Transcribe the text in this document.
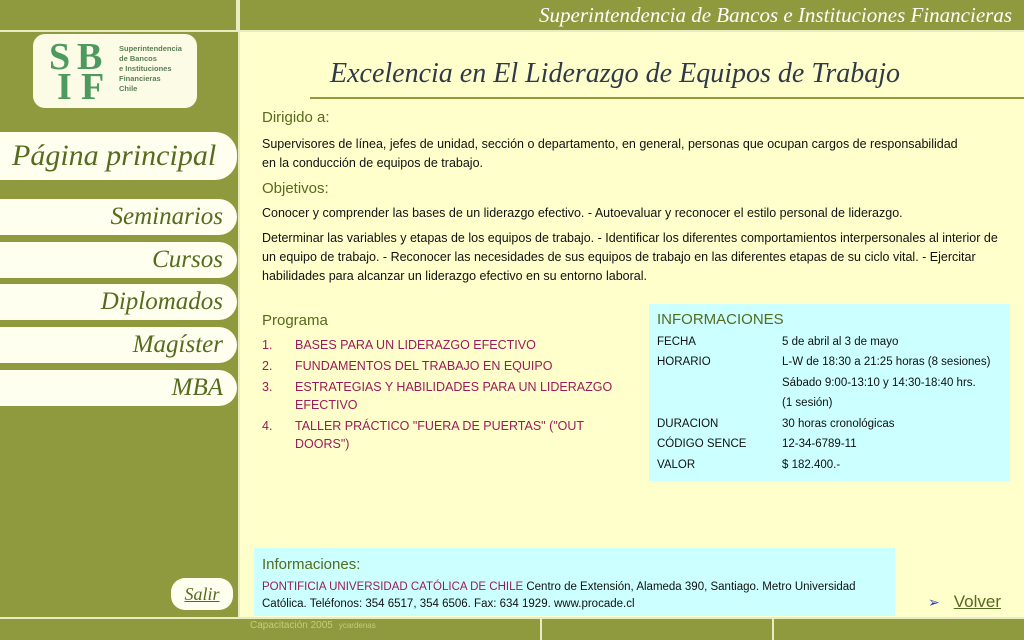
Superintendencia de Bancos e Instituciones Financieras
S B
I F
Superintendencia
de Bancos
e Instituciones
Financieras
Chile
Página principal
Seminarios
Cursos
Diplomados
Magíster
MBA
Salir
Capacitación 2005 ycardenas
Excelencia en El Liderazgo de Equipos de Trabajo
Dirigido a:
Supervisores de línea, jefes de unidad, sección o departamento, en general, personas que ocupan cargos de responsabilidad en la conducción de equipos de trabajo.
Objetivos:
Conocer y comprender las bases de un liderazgo efectivo. - Autoevaluar y reconocer el estilo personal de liderazgo.
Determinar las variables y etapas de los equipos de trabajo. - Identificar los diferentes comportamientos interpersonales al interior de un equipo de trabajo. - Reconocer las necesidades de sus equipos de trabajo en las diferentes etapas de su ciclo vital. - Ejercitar habilidades para alcanzar un liderazgo efectivo en su entorno laboral.
Programa
1. BASES PARA UN LIDERAZGO EFECTIVO
2. FUNDAMENTOS DEL TRABAJO EN EQUIPO
3. ESTRATEGIAS Y HABILIDADES PARA UN LIDERAZGO EFECTIVO
4. TALLER PRÁCTICO "FUERA DE PUERTAS" ("OUT DOORS")
INFORMACIONES
FECHA	5 de abril al 3 de mayo
HORARIO	L-W de 18:30 a 21:25 horas (8 sesiones)
Sábado 9:00-13:10 y 14:30-18:40 hrs.
(1 sesión)
DURACION	30 horas cronológicas
CÓDIGO SENCE	12-34-6789-11
VALOR	$ 182.400.-
Informaciones:
PONTIFICIA UNIVERSIDAD CATÓLICA DE CHILE Centro de Extensión, Alameda 390, Santiago. Metro Universidad Católica. Teléfonos: 354 6517, 354 6506. Fax: 634 1929. www.procade.cl	➢ Volver
